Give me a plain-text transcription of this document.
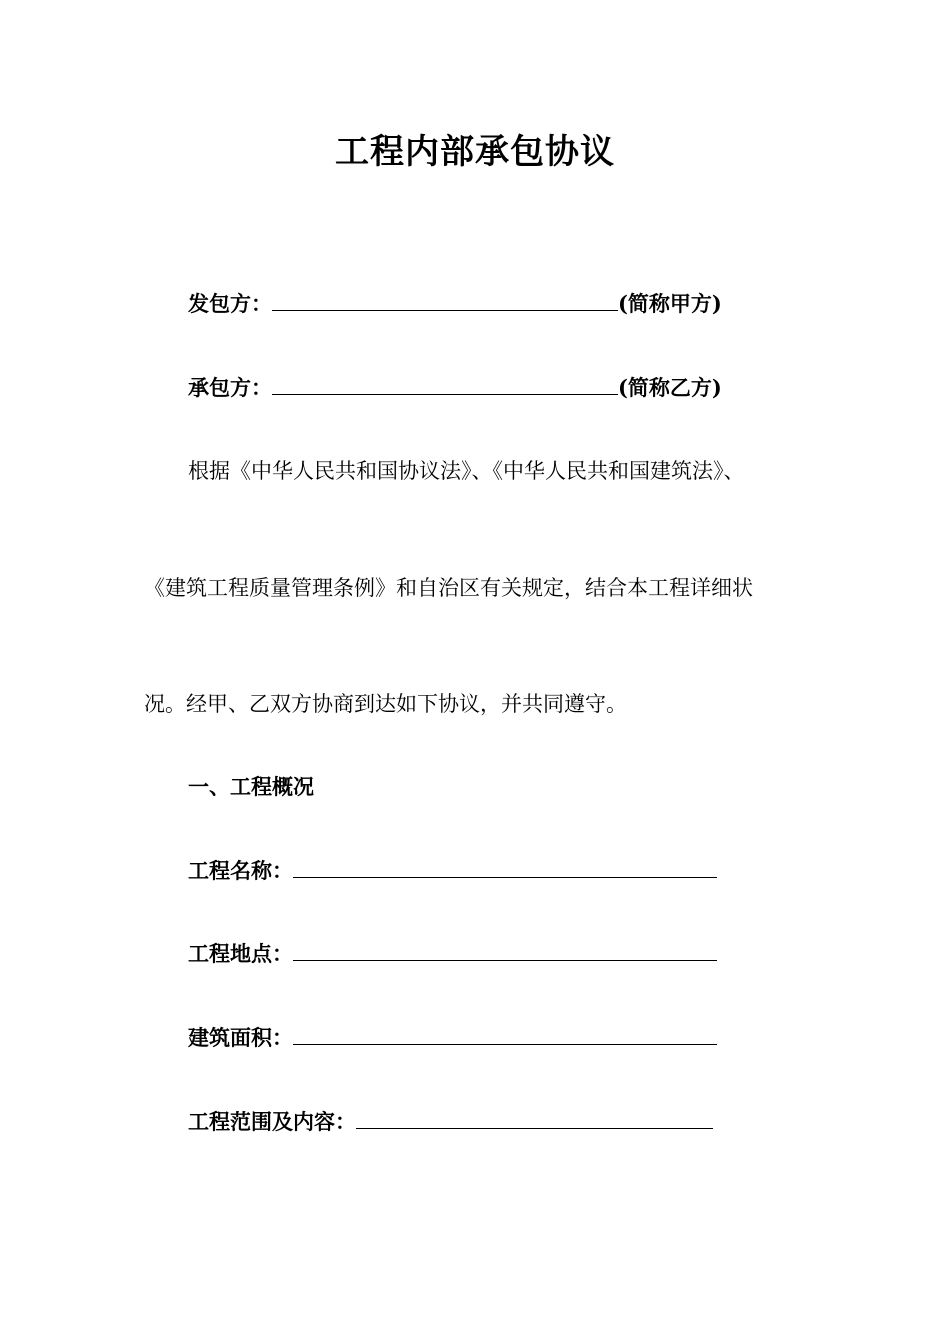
工程内部承包协议
发包方：	(简称甲方)
承包方：	(简称乙方)
根据《中华人民共和国协议法》、《中华人民共和国建筑法》、
《建筑工程质量管理条例》和自治区有关规定，结合本工程详细状
况。经甲、乙双方协商到达如下协议，并共同遵守。
一、工程概况
工程名称：
工程地点：
建筑面积：
工程范围及内容：
